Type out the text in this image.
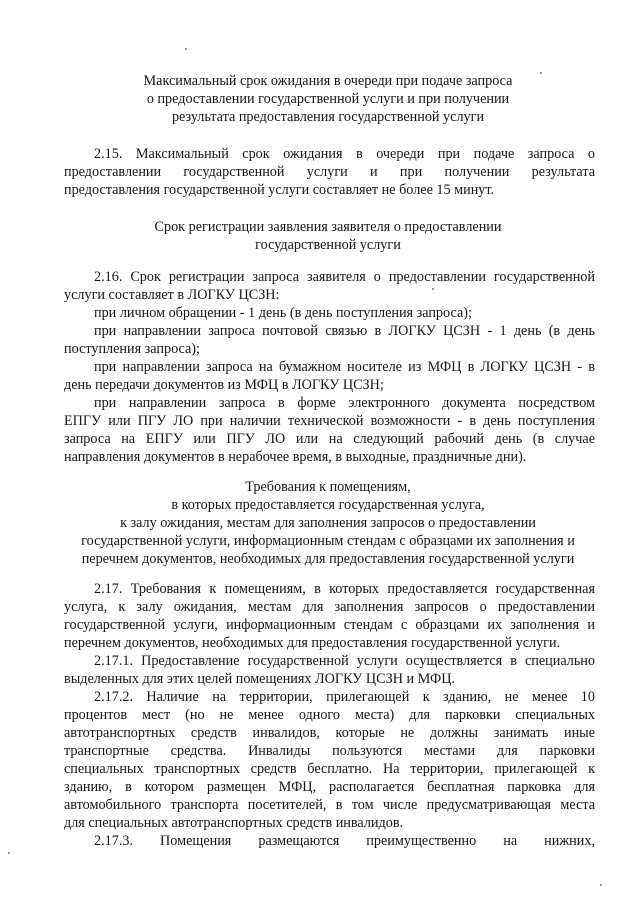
Максимальный срок ожидания в очереди при подаче запроса
о предоставлении государственной услуги и при получении
результата предоставления государственной услуги
2.15. Максимальный срок ожидания в очереди при подаче запроса о
предоставлении государственной услуги и при получении результата
предоставления государственной услуги составляет не более 15 минут.
Срок регистрации заявления заявителя о предоставлении
государственной услуги
2.16. Срок регистрации запроса заявителя о предоставлении государственной
услуги составляет в ЛОГКУ ЦСЗН:
при личном обращении - 1 день (в день поступления запроса);
при направлении запроса почтовой связью в ЛОГКУ ЦСЗН - 1 день (в день
поступления запроса);
при направлении запроса на бумажном носителе из МФЦ в ЛОГКУ ЦСЗН - в
день передачи документов из МФЦ в ЛОГКУ ЦСЗН;
при направлении запроса в форме электронного документа посредством
ЕПГУ или ПГУ ЛО при наличии технической возможности - в день поступления
запроса на ЕПГУ или ПГУ ЛО или на следующий рабочий день (в случае
направления документов в нерабочее время, в выходные, праздничные дни).
Требования к помещениям,
в которых предоставляется государственная услуга,
к залу ожидания, местам для заполнения запросов о предоставлении
государственной услуги, информационным стендам с образцами их заполнения и
перечнем документов, необходимых для предоставления государственной услуги
2.17. Требования к помещениям, в которых предоставляется государственная
услуга, к залу ожидания, местам для заполнения запросов о предоставлении
государственной услуги, информационным стендам с образцами их заполнения и
перечнем документов, необходимых для предоставления государственной услуги.
2.17.1. Предоставление государственной услуги осуществляется в специально
выделенных для этих целей помещениях ЛОГКУ ЦСЗН и МФЦ.
2.17.2. Наличие на территории, прилегающей к зданию, не менее 10
процентов мест (но не менее одного места) для парковки специальных
автотранспортных средств инвалидов, которые не должны занимать иные
транспортные средства. Инвалиды пользуются местами для парковки
специальных транспортных средств бесплатно. На территории, прилегающей к
зданию, в котором размещен МФЦ, располагается бесплатная парковка для
автомобильного транспорта посетителей, в том числе предусматривающая места
для специальных автотранспортных средств инвалидов.
2.17.3. Помещения размещаются преимущественно на нижних,
